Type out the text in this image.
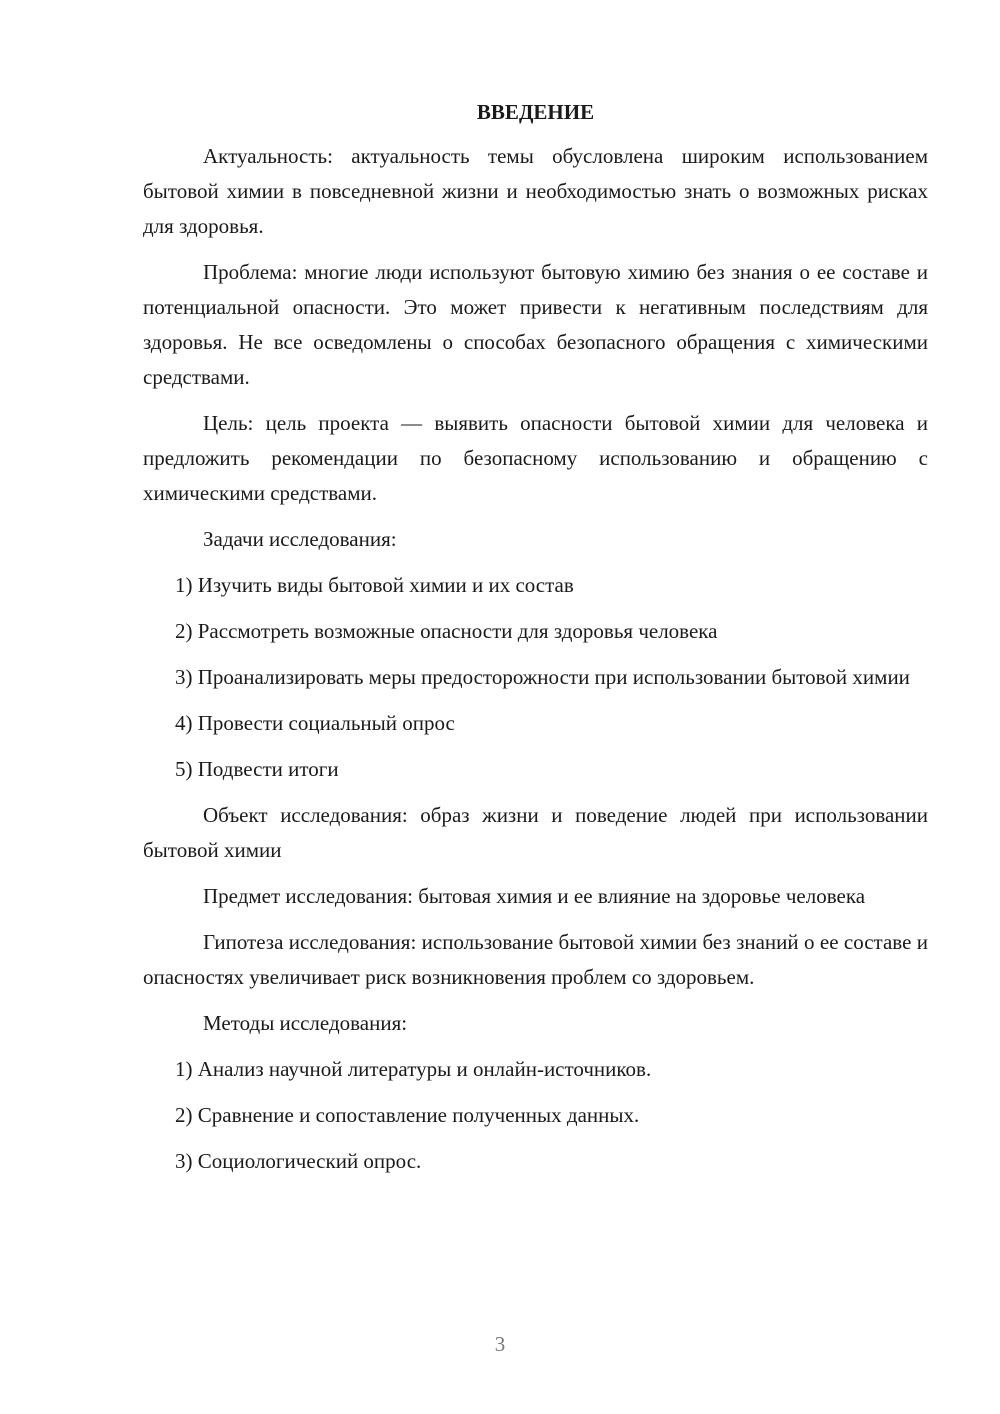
ВВЕДЕНИЕ

Актуальность: актуальность темы обусловлена широким использованием бытовой химии в повседневной жизни и необходимостью знать о возможных рисках для здоровья.

Проблема: многие люди используют бытовую химию без знания о ее составе и потенциальной опасности. Это может привести к негативным последствиям для здоровья. Не все осведомлены о способах безопасного обращения с химическими средствами.

Цель: цель проекта — выявить опасности бытовой химии для человека и предложить рекомендации по безопасному использованию и обращению с химическими средствами.

Задачи исследования:

1) Изучить виды бытовой химии и их состав

2) Рассмотреть возможные опасности для здоровья человека

3) Проанализировать меры предосторожности при использовании бытовой химии

4) Провести социальный опрос

5) Подвести итоги

Объект исследования: образ жизни и поведение людей при использовании бытовой химии

Предмет исследования: бытовая химия и ее влияние на здоровье человека

Гипотеза исследования: использование бытовой химии без знаний о ее составе и опасностях увеличивает риск возникновения проблем со здоровьем.

Методы исследования:

1) Анализ научной литературы и онлайн-источников.

2) Сравнение и сопоставление полученных данных.

3) Социологический опрос.

3
